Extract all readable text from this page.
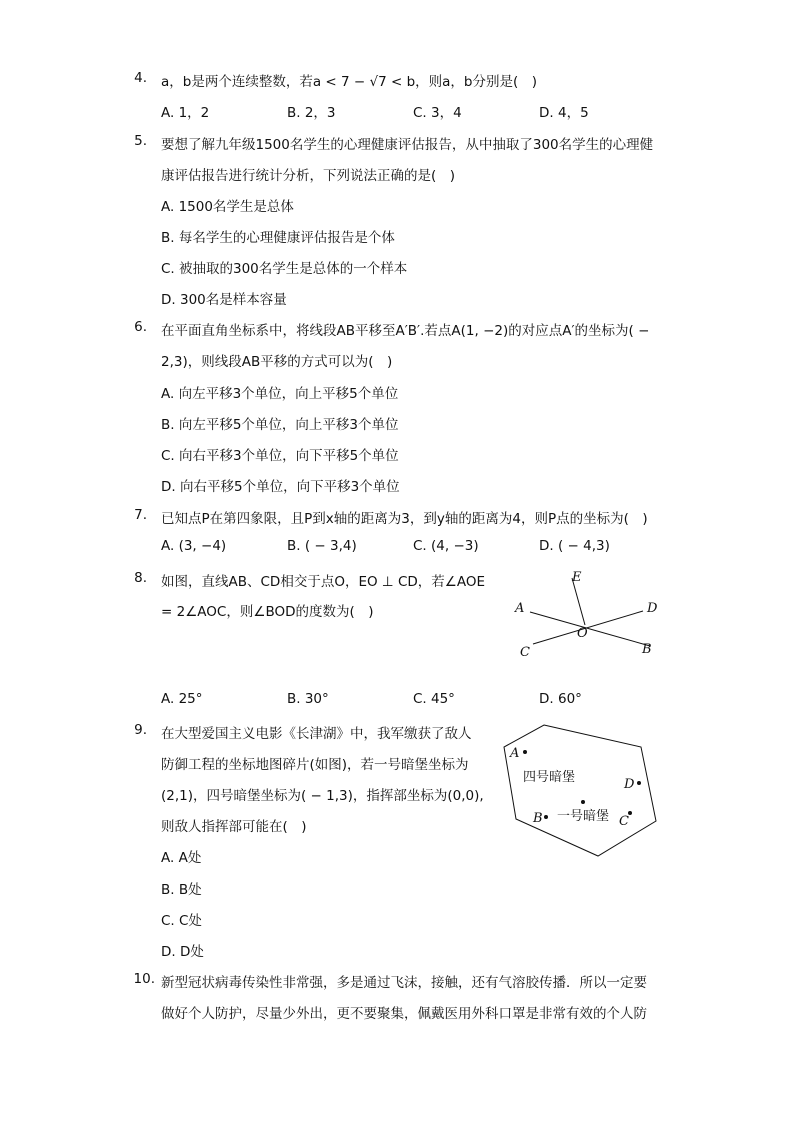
4. a，b是两个连续整数，若a < 7 − √7 < b，则a，b分别是(　)
A. 1，2	B. 2，3	C. 3，4	D. 4，5
5. 要想了解九年级1500名学生的心理健康评估报告，从中抽取了300名学生的心理健
康评估报告进行统计分析，下列说法正确的是(　)
A. 1500名学生是总体
B. 每名学生的心理健康评估报告是个体
C. 被抽取的300名学生是总体的一个样本
D. 300名是样本容量
6. 在平面直角坐标系中，将线段AB平移至A′B′.若点A(1, −2)的对应点A′的坐标为( −
2,3)，则线段AB平移的方式可以为(　)
A. 向左平移3个单位，向上平移5个单位
B. 向左平移5个单位，向上平移3个单位
C. 向右平移3个单位，向下平移5个单位
D. 向右平移5个单位，向下平移3个单位
7. 已知点P在第四象限，且P到x轴的距离为3，到y轴的距离为4，则P点的坐标为(　)
A. (3, −4)	B. ( − 3,4)	C. (4, −3)	D. ( − 4,3)
8. 如图，直线AB、CD相交于点O，EO ⊥ CD，若∠AOE
= 2∠AOC，则∠BOD的度数为(　)
E
A	D
O
C	B
A. 25°	B. 30°	C. 45°	D. 60°
9. 在大型爱国主义电影《长津湖》中，我军缴获了敌人
防御工程的坐标地图碎片(如图)，若一号暗堡坐标为
(2,1)，四号暗堡坐标为( − 1,3)，指挥部坐标为(0,0),
则敌人指挥部可能在(　)
A
四号暗堡	D
B 一号暗堡 C
A. A处
B. B处
C. C处
D. D处
10. 新型冠状病毒传染性非常强，多是通过飞沫，接触，还有气溶胶传播．所以一定要
做好个人防护，尽量少外出，更不要聚集，佩戴医用外科口罩是非常有效的个人防
